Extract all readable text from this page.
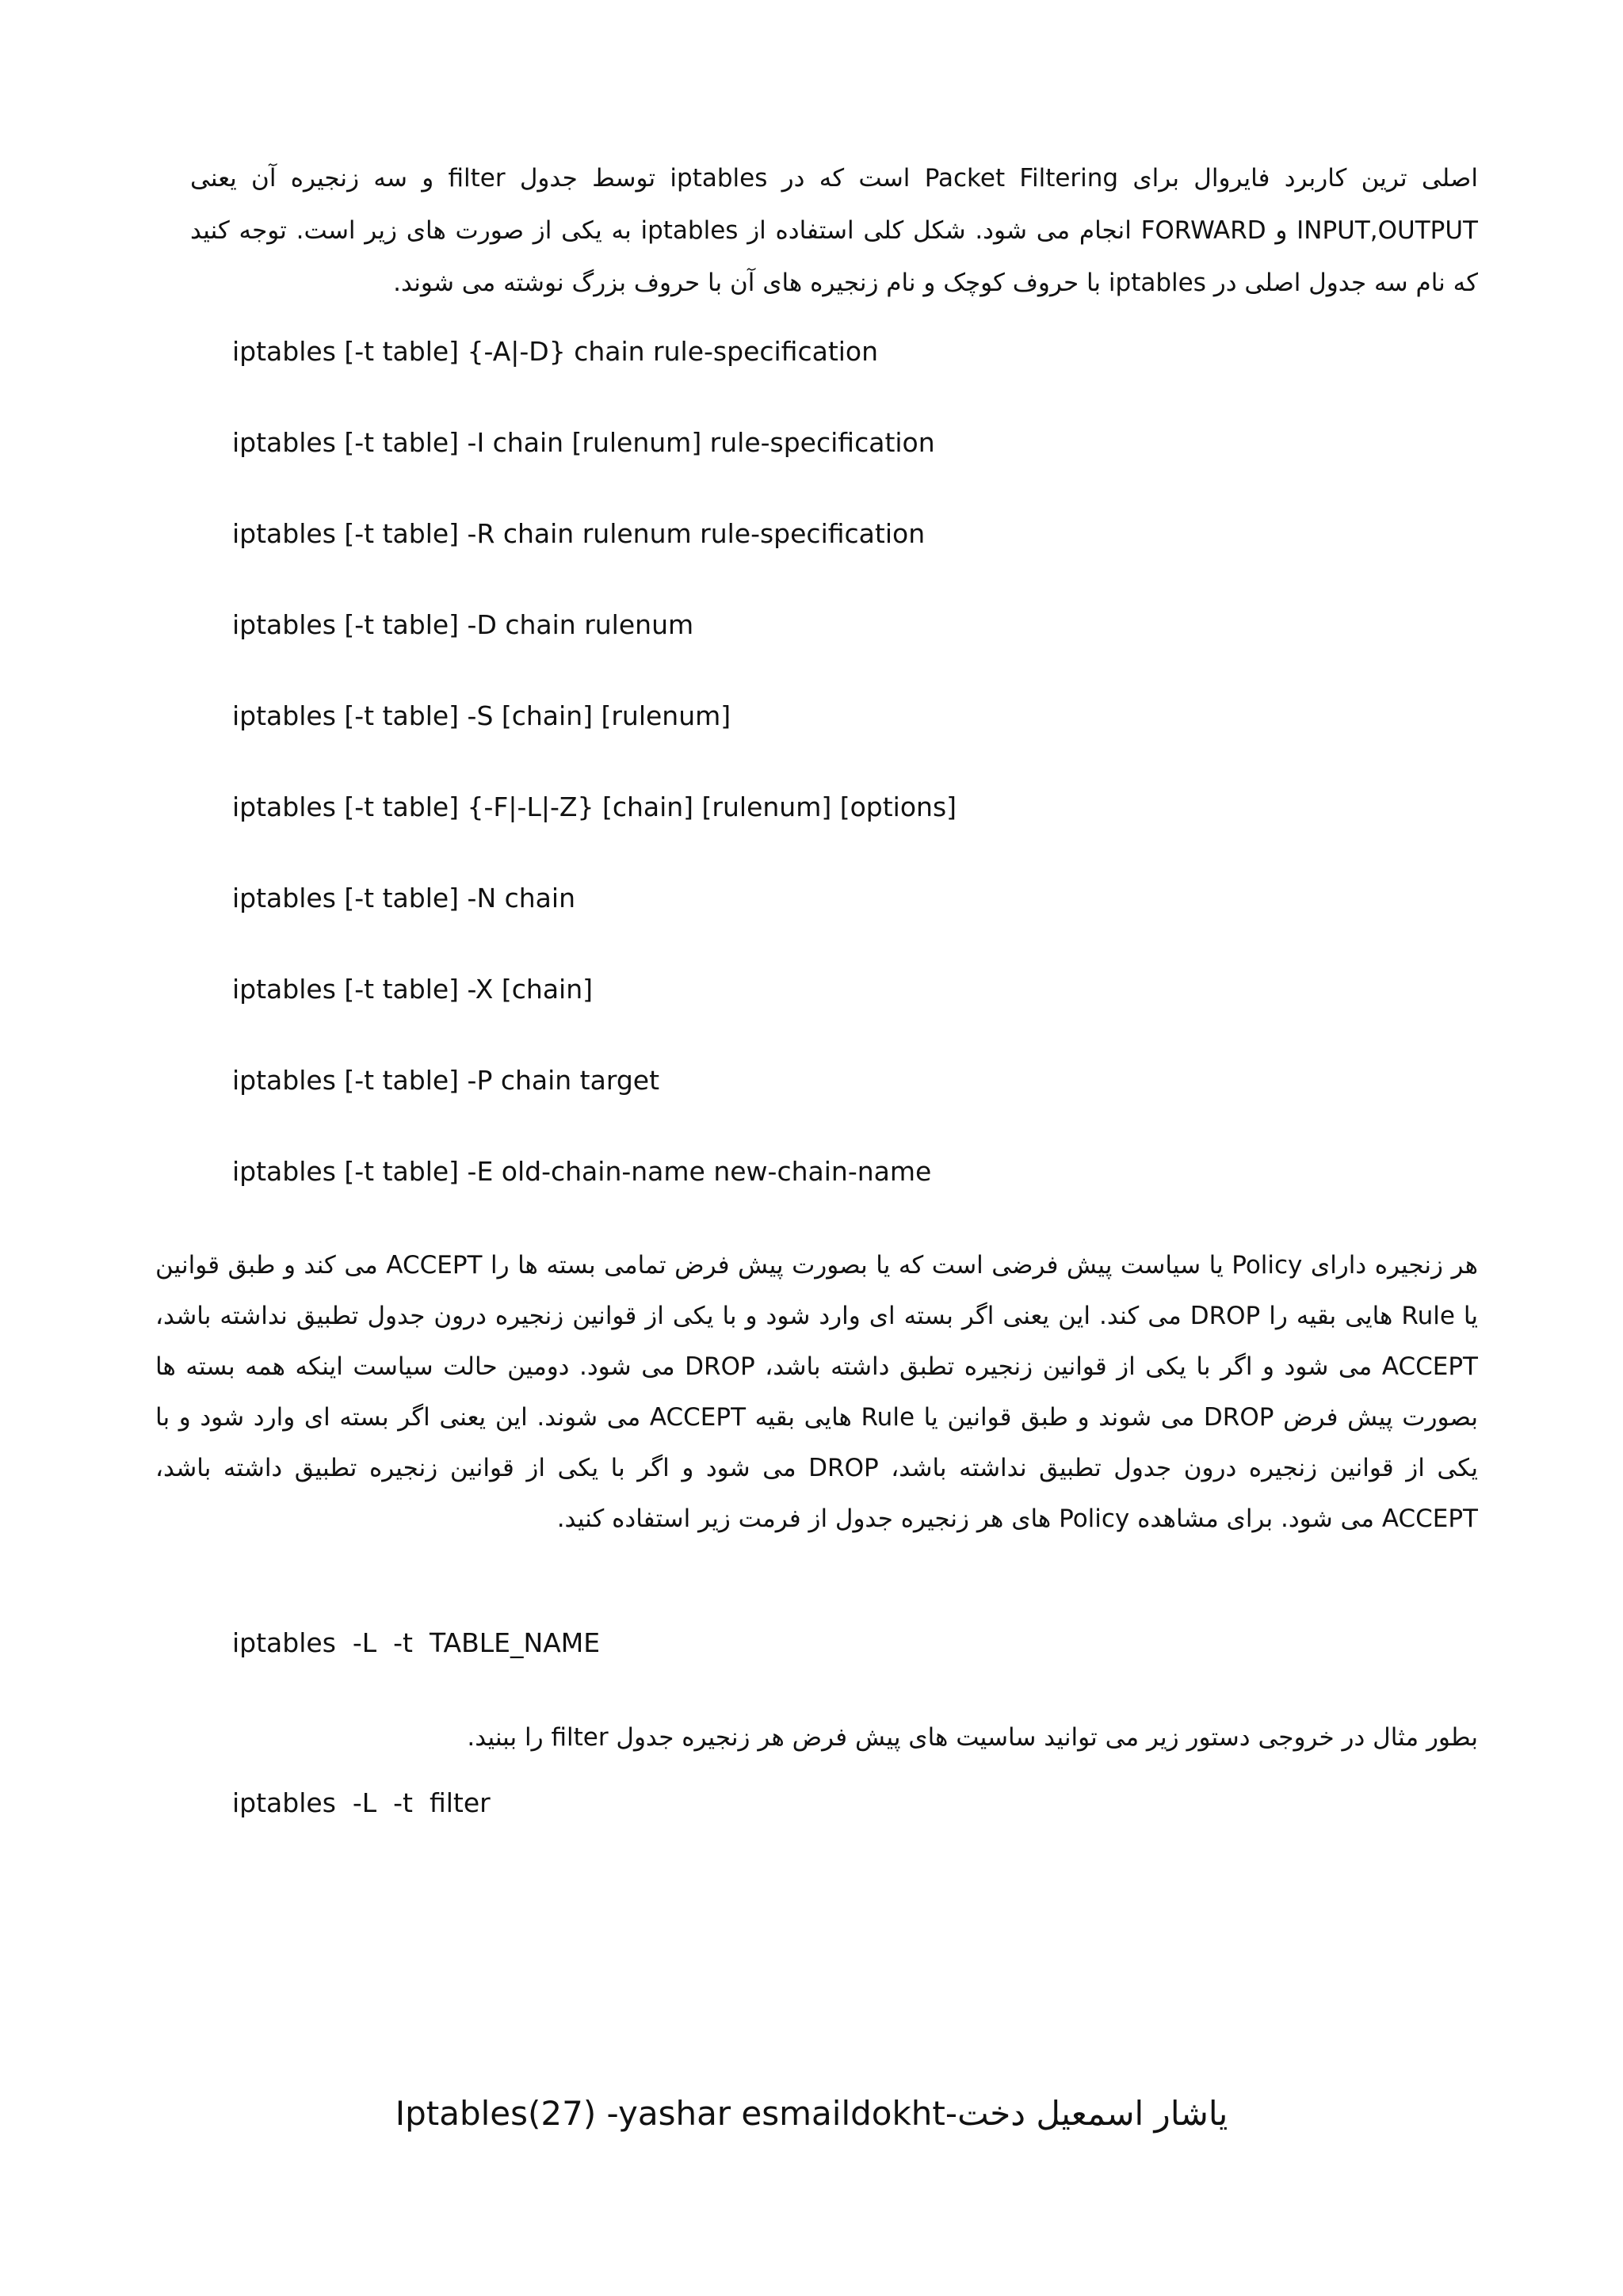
اصلی ترین کاربرد فایروال برای Packet Filtering است که در iptables توسط جدول filter و سه زنجیره آن یعنی INPUT,OUTPUT و FORWARD انجام می شود. شکل کلی استفاده از iptables به یکی از صورت های زیر است. توجه کنید که نام سه جدول اصلی در iptables با حروف کوچک و نام زنجیره های آن با حروف بزرگ نوشته می شوند.

iptables [-t table] {-A|-D} chain rule-specification
iptables [-t table] -I chain [rulenum] rule-specification
iptables [-t table] -R chain rulenum rule-specification
iptables [-t table] -D chain rulenum
iptables [-t table] -S [chain] [rulenum]
iptables [-t table] {-F|-L|-Z} [chain] [rulenum] [options]
iptables [-t table] -N chain
iptables [-t table] -X [chain]
iptables [-t table] -P chain target
iptables [-t table] -E old-chain-name new-chain-name

هر زنجیره دارای Policy یا سیاست پیش فرضی است که یا بصورت پیش فرض تمامی بسته ها را ACCEPT می کند و طبق قوانین یا Rule هایی بقیه را DROP می کند. این یعنی اگر بسته ای وارد شود و با یکی از قوانین زنجیره درون جدول تطبیق نداشته باشد، ACCEPT می شود و اگر با یکی از قوانین زنجیره تطبق داشته باشد، DROP می شود. دومین حالت سیاست اینکه همه بسته ها بصورت پیش فرض DROP می شوند و طبق قوانین یا Rule هایی بقیه ACCEPT می شوند. این یعنی اگر بسته ای وارد شود و با یکی از قوانین زنجیره درون جدول تطبیق نداشته باشد، DROP می شود و اگر با یکی از قوانین زنجیره تطبیق داشته باشد، ACCEPT می شود. برای مشاهده Policy های هر زنجیره جدول از فرمت زیر استفاده کنید.

iptables  -L  -t  TABLE_NAME

بطور مثال در خروجی دستور زیر می توانید ساسیت های پیش فرض هر زنجیره جدول filter را ببنید.

iptables  -L  -t  filter
Iptables(27) -yashar esmaildokht-یاشار اسمعیل دخت
